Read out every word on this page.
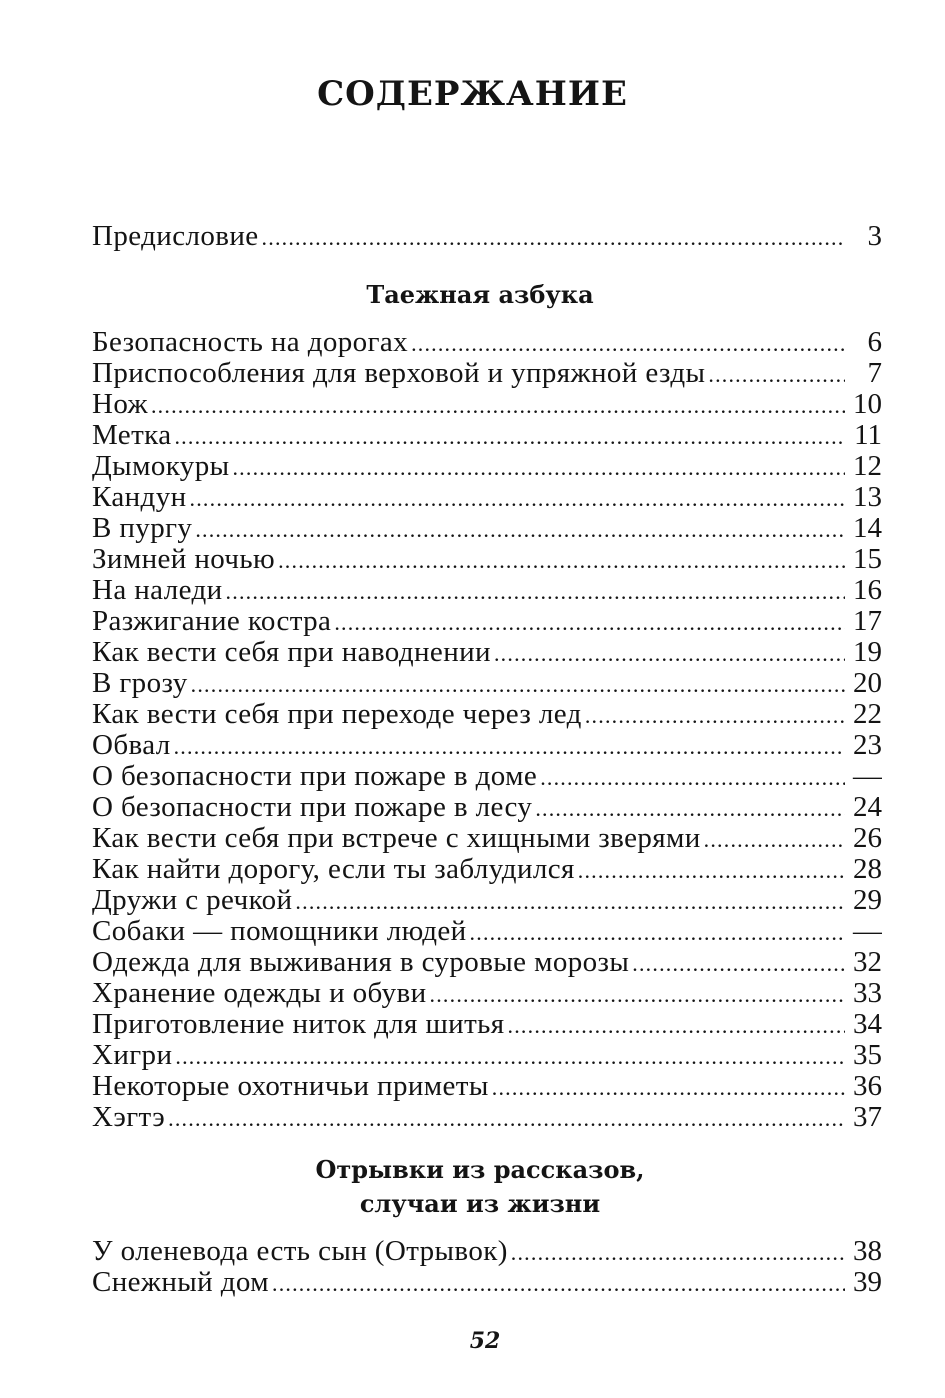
СОДЕРЖАНИЕ
Предисловие .....	3
Таежная азбука
Безопасность на дорогах .....	6
Приспособления для верховой и упряжной езды .....	7
Нож .....	10
Метка .....	11
Дымокуры .....	12
Кандун .....	13
В пургу .....	14
Зимней ночью .....	15
На наледи .....	16
Разжигание костра .....	17
Как вести себя при наводнении .....	19
В грозу .....	20
Как вести себя при переходе через лед .....	22
Обвал .....	23
О безопасности при пожаре в доме .....	—
О безопасности при пожаре в лесу .....	24
Как вести себя при встрече с хищными зверями .....	26
Как найти дорогу, если ты заблудился .....	28
Дружи с речкой .....	29
Собаки — помощники людей .....	—
Одежда для выживания в суровые морозы .....	32
Хранение одежды и обуви .....	33
Приготовление ниток для шитья .....	34
Хигри .....	35
Некоторые охотничьи приметы .....	36
Хэгтэ .....	37
Отрывки из рассказов,
случаи из жизни
У оленевода есть сын (Отрывок) .....	38
Снежный дом .....	39
52
